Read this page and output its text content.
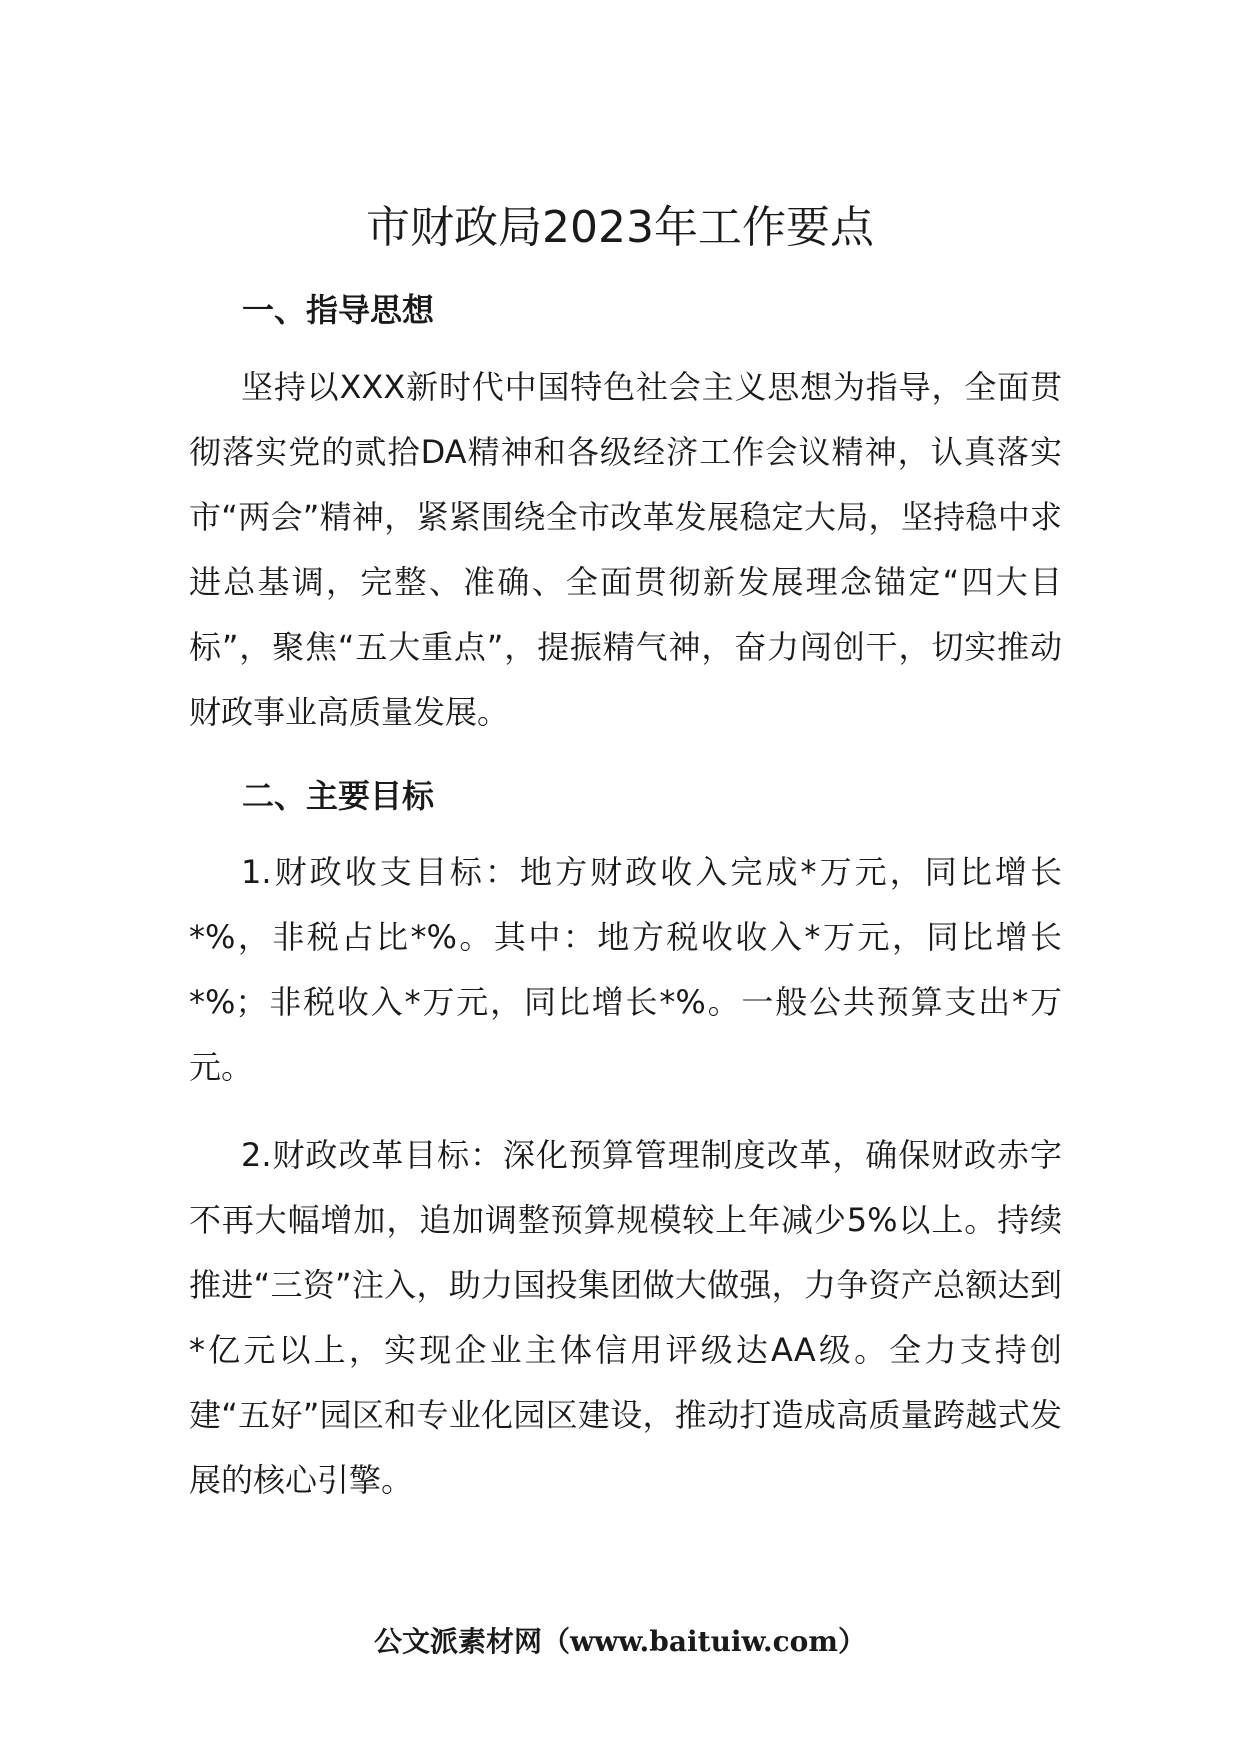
市财政局2023年工作要点
一、指导思想

坚持以XXX新时代中国特色社会主义思想为指导，全面贯彻落实党的贰拾DA精神和各级经济工作会议精神，认真落实市“两会”精神，紧紧围绕全市改革发展稳定大局，坚持稳中求进总基调，完整、准确、全面贯彻新发展理念锚定“四大目标”，聚焦“五大重点”，提振精气神，奋力闯创干，切实推动财政事业高质量发展。

二、主要目标

1.财政收支目标：地方财政收入完成*万元，同比增长*%，非税占比*%。其中：地方税收收入*万元，同比增长*%；非税收入*万元，同比增长*%。一般公共预算支出*万元。

2.财政改革目标：深化预算管理制度改革，确保财政赤字不再大幅增加，追加调整预算规模较上年减少5%以上。持续推进“三资”注入，助力国投集团做大做强，力争资产总额达到*亿元以上，实现企业主体信用评级达AA级。全力支持创建“五好”园区和专业化园区建设，推动打造成高质量跨越式发展的核心引擎。

公文派素材网（www.baituiw.com）
